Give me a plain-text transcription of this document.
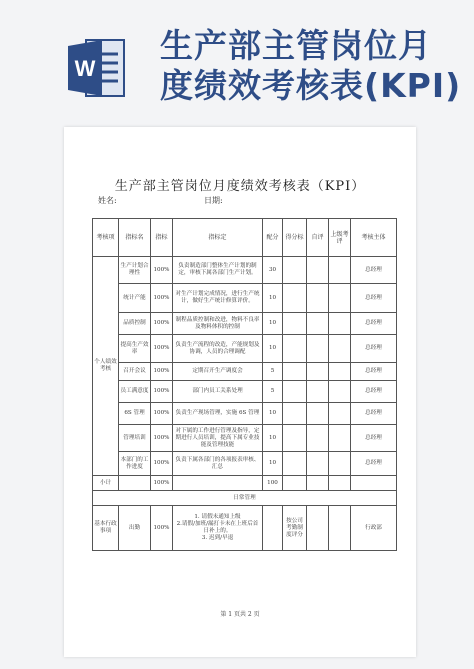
W
生产部主管岗位月
度绩效考核表(KPI)
生产部主管岗位月度绩效考核表（KPI）
姓名:	日期:
考核项	指标名	指标	指标定	配分	得分标	自评	上级考评	考核主体
个人绩效考核	生产计划合理性	100%	负责制造部门整体生产计划的制定，审核下属各部门生产计划。	30				总经理
	统计产能	100%	对生产计划完成情况，进行生产统计，做好生产统计修算评价。	10				总经理
	品质控制	100%	制程品质控制和改进，物料不良率及物料体积的控制	10				总经理
	提高生产效率	100%	负责生产流程的改造，产能规划及协调，人员的合理调配	10				总经理
	召开会议	100%	定期召开生产调度会	5				总经理
	员工满意度	100%	部门内员工关系处理	5				总经理
	6S 管理	100%	负责生产现场管理，实施 6S 管理	10				总经理
	管理培训	100%	对下属的工作进行管理及指导，定期进行人员培训，提高下属专业技能及管理技能	10				总经理
	本部门的工作进度	100%	负责下属各部门的各项报表审核、汇总	10				总经理
小计		100%		100				
日常管理								
基本行政事项	出勤	100%	1. 请假未通知上级
2.请假/加班/漏打卡未在上班后首日补上的。
3. 迟到/早退		按公司考勤制度评分			行政部
第 1 页共 2 页
